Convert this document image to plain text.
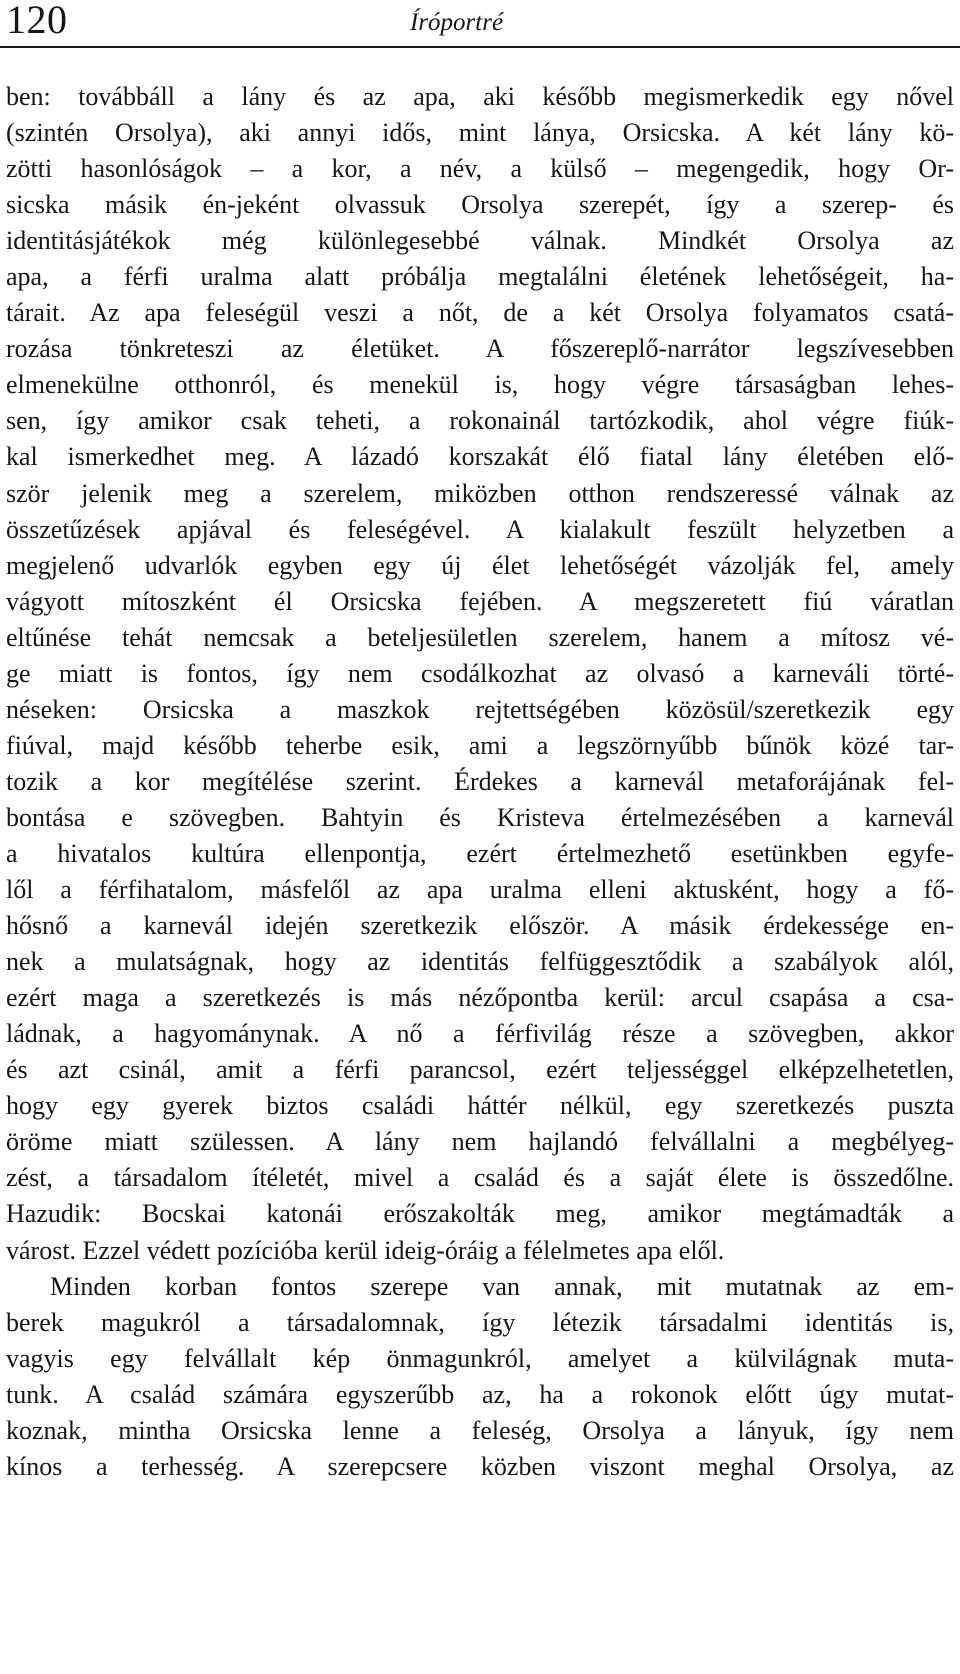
120	Íróportré
ben: továbbáll a lány és az apa, aki később megismerkedik egy nővel
(szintén Orsolya), aki annyi idős, mint lánya, Orsicska. A két lány kö-
zötti hasonlóságok – a kor, a név, a külső – megengedik, hogy Or-
sicska másik én-jeként olvassuk Orsolya szerepét, így a szerep- és
identitásjátékok még különlegesebbé válnak. Mindkét Orsolya az
apa, a férfi uralma alatt próbálja megtalálni életének lehetőségeit, ha-
tárait. Az apa feleségül veszi a nőt, de a két Orsolya folyamatos csatá-
rozása tönkreteszi az életüket. A főszereplő-narrátor legszívesebben
elmenekülne otthonról, és menekül is, hogy végre társaságban lehes-
sen, így amikor csak teheti, a rokonainál tartózkodik, ahol végre fiúk-
kal ismerkedhet meg. A lázadó korszakát élő fiatal lány életében elő-
ször jelenik meg a szerelem, miközben otthon rendszeressé válnak az
összetűzések apjával és feleségével. A kialakult feszült helyzetben a
megjelenő udvarlók egyben egy új élet lehetőségét vázolják fel, amely
vágyott mítoszként él Orsicska fejében. A megszeretett fiú váratlan
eltűnése tehát nemcsak a beteljesületlen szerelem, hanem a mítosz vé-
ge miatt is fontos, így nem csodálkozhat az olvasó a karneváli törté-
néseken: Orsicska a maszkok rejtettségében közösül/szeretkezik egy
fiúval, majd később teherbe esik, ami a legszörnyűbb bűnök közé tar-
tozik a kor megítélése szerint. Érdekes a karnevál metaforájának fel-
bontása e szövegben. Bahtyin és Kristeva értelmezésében a karnevál
a hivatalos kultúra ellenpontja, ezért értelmezhető esetünkben egyfe-
lől a férfihatalom, másfelől az apa uralma elleni aktusként, hogy a fő-
hősnő a karnevál idején szeretkezik először. A másik érdekessége en-
nek a mulatságnak, hogy az identitás felfüggesztődik a szabályok alól,
ezért maga a szeretkezés is más nézőpontba kerül: arcul csapása a csa-
ládnak, a hagyománynak. A nő a férfivilág része a szövegben, akkor
és azt csinál, amit a férfi parancsol, ezért teljességgel elképzelhetetlen,
hogy egy gyerek biztos családi háttér nélkül, egy szeretkezés puszta
öröme miatt szülessen. A lány nem hajlandó felvállalni a megbélyeg-
zést, a társadalom ítéletét, mivel a család és a saját élete is összedőlne.
Hazudik: Bocskai katonái erőszakolták meg, amikor megtámadták a
várost. Ezzel védett pozícióba kerül ideig-óráig a félelmetes apa elől.
Minden korban fontos szerepe van annak, mit mutatnak az em-
berek magukról a társadalomnak, így létezik társadalmi identitás is,
vagyis egy felvállalt kép önmagunkról, amelyet a külvilágnak muta-
tunk. A család számára egyszerűbb az, ha a rokonok előtt úgy mutat-
koznak, mintha Orsicska lenne a feleség, Orsolya a lányuk, így nem
kínos a terhesség. A szerepcsere közben viszont meghal Orsolya, az
